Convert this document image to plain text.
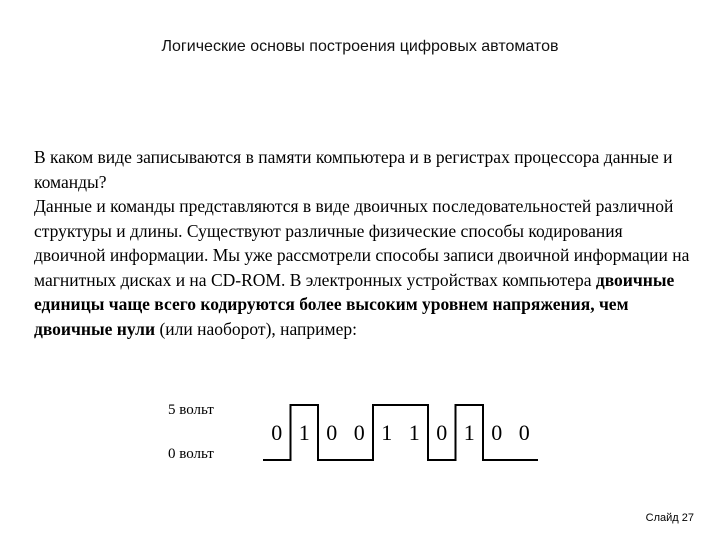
Логические основы построения цифровых автоматов
В каком виде записываются в памяти компьютера и в регистрах процессора данные и команды?
Данные и команды представляются в виде двоичных последовательностей различной структуры и длины. Существуют различные физические способы кодирования двоичной информации. Мы уже рассмотрели способы записи двоичной информации на магнитных дисках и на CD-ROM. В электронных устройствах компьютера двоичные единицы чаще всего кодируются более высоким уровнем напряжения, чем двоичные нули (или наоборот), например:
5 вольт
0 вольт
0 1 0 0 1 1 0 1 0 0
Слайд 27
